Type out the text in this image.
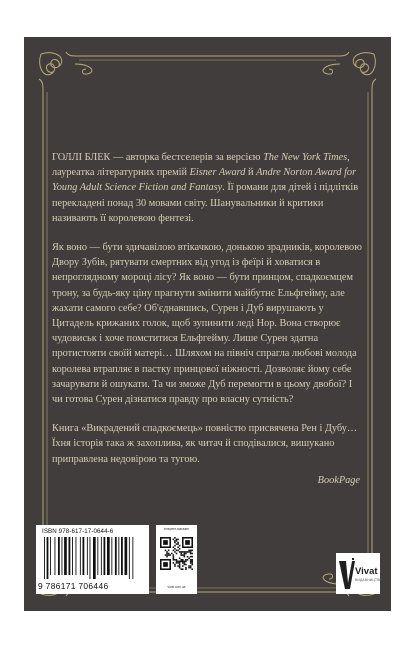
ГОЛЛІ БЛЕК — авторка бестселерів за версією The New York Times, лауреатка літературних премій Eisner Award й Andre Norton Award for Young Adult Science Fiction and Fantasy. Її романи для дітей і підлітків перекладені понад 30 мовами світу. Шанувальники й критики називають її королевою фентезі.

Як воно — бути здичавілою втікачкою, донькою зрадників, королевою Двору Зубів, рятувати смертних від угод із феїрі й ховатися в непроглядному мороці лісу? Як воно — бути принцом, спадкоємцем трону, за будь-яку ціну прагнути змінити майбутнє Ельфгейму, але жахати самого себе? Об'єднавшись, Сурен і Дуб вирушають у Цитадель крижаних голок, щоб зупинити леді Нор. Вона створює чудовиськ і хоче помститися Ельфгейму. Лише Сурен здатна протистояти своїй матері… Шляхом на північ спрагла любові молода королева втрапляє в пастку принцової ніжності. Дозволяє йому себе зачарувати й ошукати. Та чи зможе Дуб перемогти в цьому двобої? І чи готова Сурен дізнатися правду про власну сутність?

Книга «Викрадений спадкоємець» повністю присвячена Рен і Дубу… Їхня історія така ж захоплива, як читач й сподівалися, вишукано приправлена недовірою та тугою.

BookPage

ISBN 978-617-17-0644-6
9 786171 706446
інтернет-магазин
vivat.com.ua
Vivat
ВИДАВНИЦТВО
